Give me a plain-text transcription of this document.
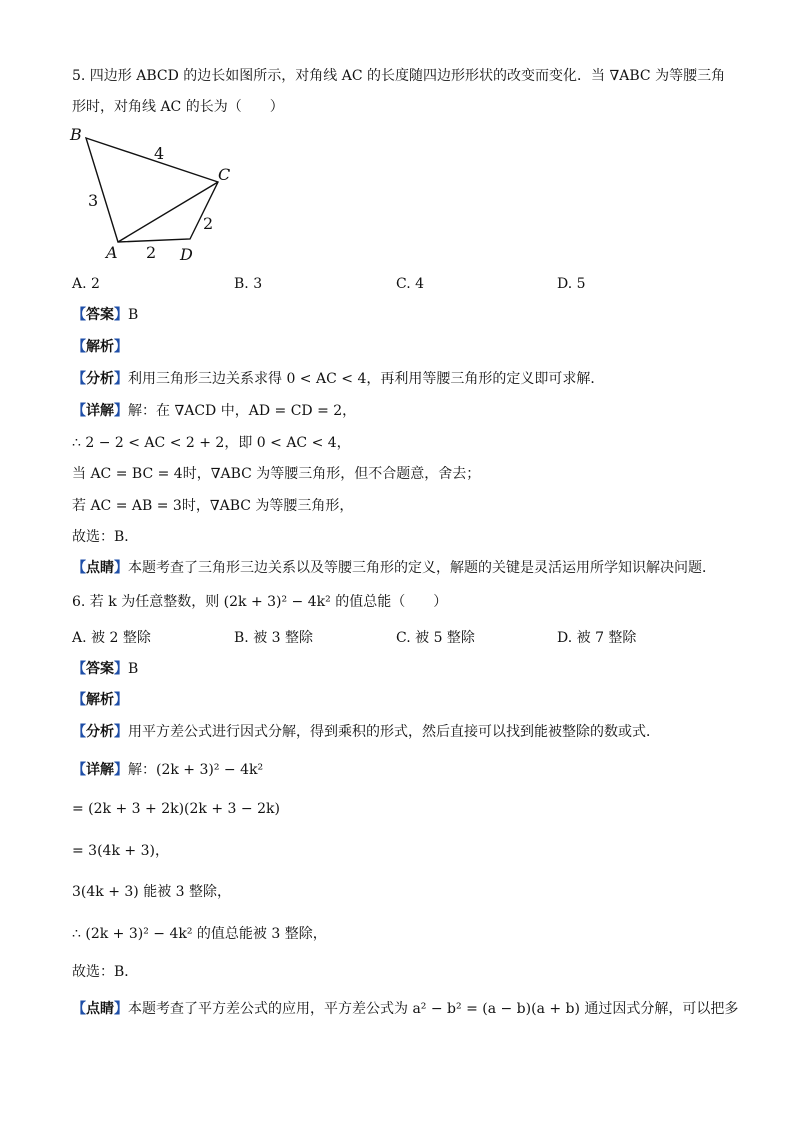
5. 四边形 ABCD 的边长如图所示，对角线 AC 的长度随四边形形状的改变而变化．当 ∇ABC 为等腰三角
形时，对角线 AC 的长为（　　）
B
C
A	D
4
3
2
2
A. 2	B. 3	C. 4	D. 5
【答案】B
【解析】
【分析】利用三角形三边关系求得 0 < AC < 4，再利用等腰三角形的定义即可求解．
【详解】解：在 ∇ACD 中，AD = CD = 2，
∴ 2 − 2 < AC < 2 + 2，即 0 < AC < 4，
当 AC = BC = 4时，∇ABC 为等腰三角形，但不合题意，舍去；
若 AC = AB = 3时，∇ABC 为等腰三角形，
故选：B．
【点睛】本题考查了三角形三边关系以及等腰三角形的定义，解题的关键是灵活运用所学知识解决问题．
6. 若 k 为任意整数，则 (2k + 3)² − 4k² 的值总能（　　）
A. 被 2 整除	B. 被 3 整除	C. 被 5 整除	D. 被 7 整除
【答案】B
【解析】
【分析】用平方差公式进行因式分解，得到乘积的形式，然后直接可以找到能被整除的数或式．
【详解】解：(2k + 3)² − 4k²
= (2k + 3 + 2k)(2k + 3 − 2k)
= 3(4k + 3)，
3(4k + 3) 能被 3 整除，
∴ (2k + 3)² − 4k² 的值总能被 3 整除，
故选：B．
【点睛】本题考查了平方差公式的应用，平方差公式为 a² − b² = (a − b)(a + b) 通过因式分解，可以把多
